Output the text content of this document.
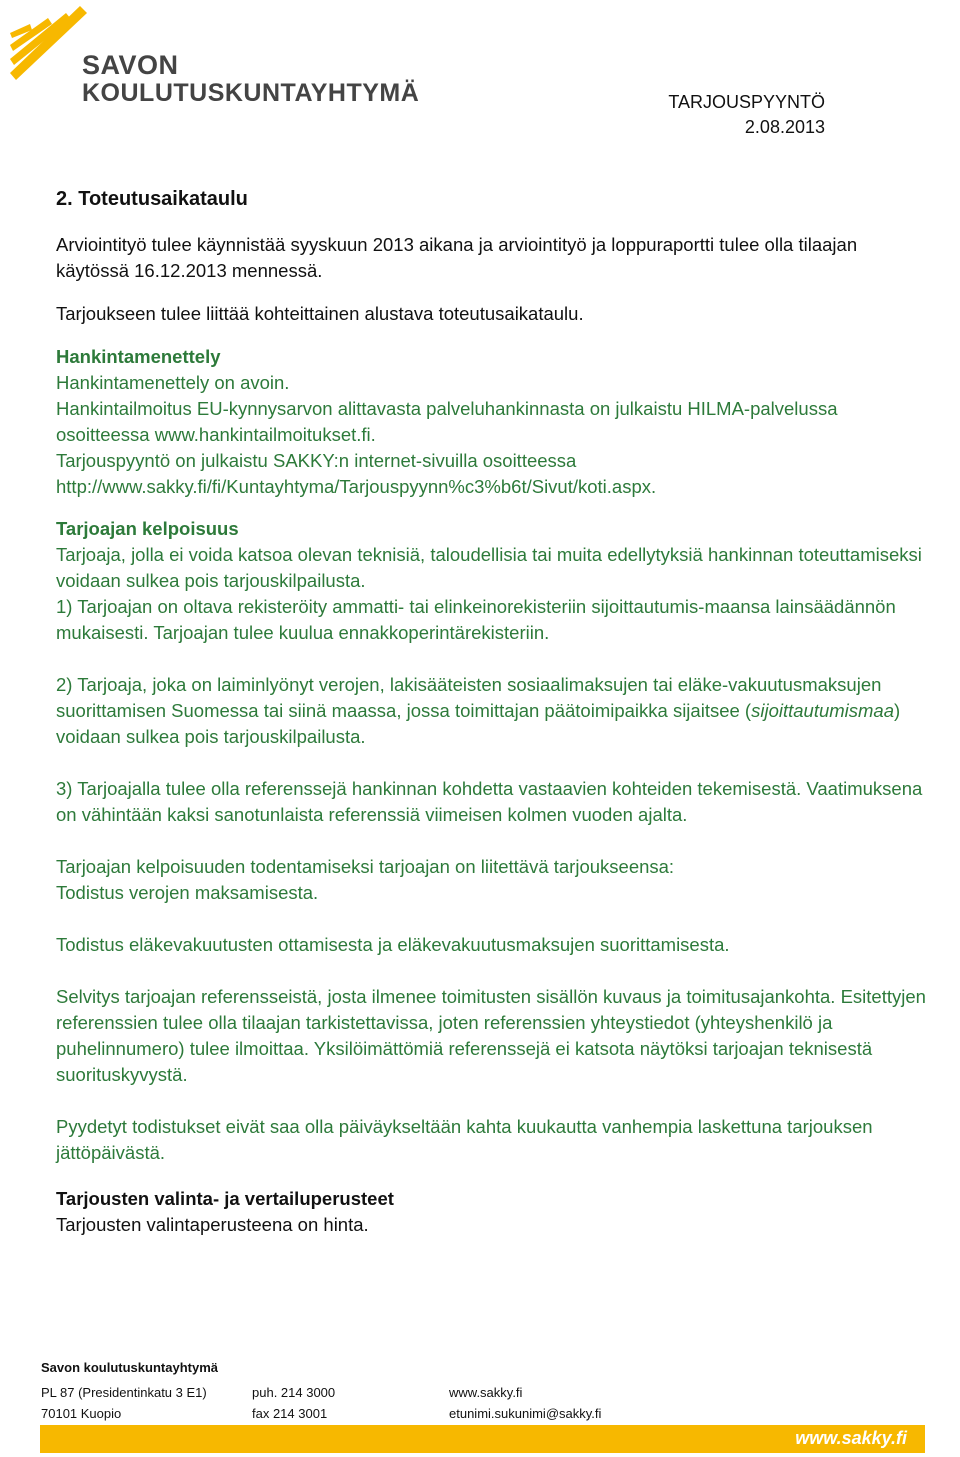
SAVON
KOULUTUSKUNTAYHTYMÄ	TARJOUSPYYNTÖ
2.08.2013

2. Toteutusaikataulu

Arviointityö tulee käynnistää syyskuun 2013 aikana ja arviointityö ja loppuraportti tulee olla tilaajan käytössä 16.12.2013 mennessä.

Tarjoukseen tulee liittää kohteittainen alustava toteutusaikataulu.

Hankintamenettely

Hankintamenettely on avoin.

Hankintailmoitus EU-kynnysarvon alittavasta palveluhankinnasta on julkaistu HILMA-palvelussa osoitteessa www.hankintailmoitukset.fi.

Tarjouspyyntö on julkaistu SAKKY:n internet-sivuilla osoitteessa http://www.sakky.fi/fi/Kuntayhtyma/Tarjouspyynn%c3%b6t/Sivut/koti.aspx.

Tarjoajan kelpoisuus

Tarjoaja, jolla ei voida katsoa olevan teknisiä, taloudellisia tai muita edellytyksiä hankinnan toteuttamiseksi voidaan sulkea pois tarjouskilpailusta.

1) Tarjoajan on oltava rekisteröity ammatti- tai elinkeinorekisteriin sijoittautumis-maansa lainsäädännön mukaisesti. Tarjoajan tulee kuulua ennakkoperintärekisteriin.

2) Tarjoaja, joka on laiminlyönyt verojen, lakisääteisten sosiaalimaksujen tai eläke-vakuutusmaksujen suorittamisen Suomessa tai siinä maassa, jossa toimittajan päätoimipaikka sijaitsee (sijoittautumismaa) voidaan sulkea pois tarjouskilpailusta.

3) Tarjoajalla tulee olla referenssejä hankinnan kohdetta vastaavien kohteiden tekemisestä. Vaatimuksena on vähintään kaksi sanotunlaista referenssiä viimeisen kolmen vuoden ajalta.

Tarjoajan kelpoisuuden todentamiseksi tarjoajan on liitettävä tarjoukseensa:

Todistus verojen maksamisesta.

Todistus eläkevakuutusten ottamisesta ja eläkevakuutusmaksujen suorittamisesta.

Selvitys tarjoajan referensseistä, josta ilmenee toimitusten sisällön kuvaus ja toimitusajankohta. Esitettyjen referenssien tulee olla tilaajan tarkistettavissa, joten referenssien yhteystiedot (yhteyshenkilö ja puhelinnumero) tulee ilmoittaa. Yksilöimättömiä referenssejä ei katsota näytöksi tarjoajan teknisestä suorituskyvystä.

Pyydetyt todistukset eivät saa olla päiväykseltään kahta kuukautta vanhempia laskettuna tarjouksen jättöpäivästä.

Tarjousten valinta- ja vertailuperusteet

Tarjousten valintaperusteena on hinta.

Savon koulutuskuntayhtymä
PL 87 (Presidentinkatu 3 E1)
70101 Kuopio
puh. 214 3000
fax 214 3001
www.sakky.fi
etunimi.sukunimi@sakky.fi
www.sakky.fi
